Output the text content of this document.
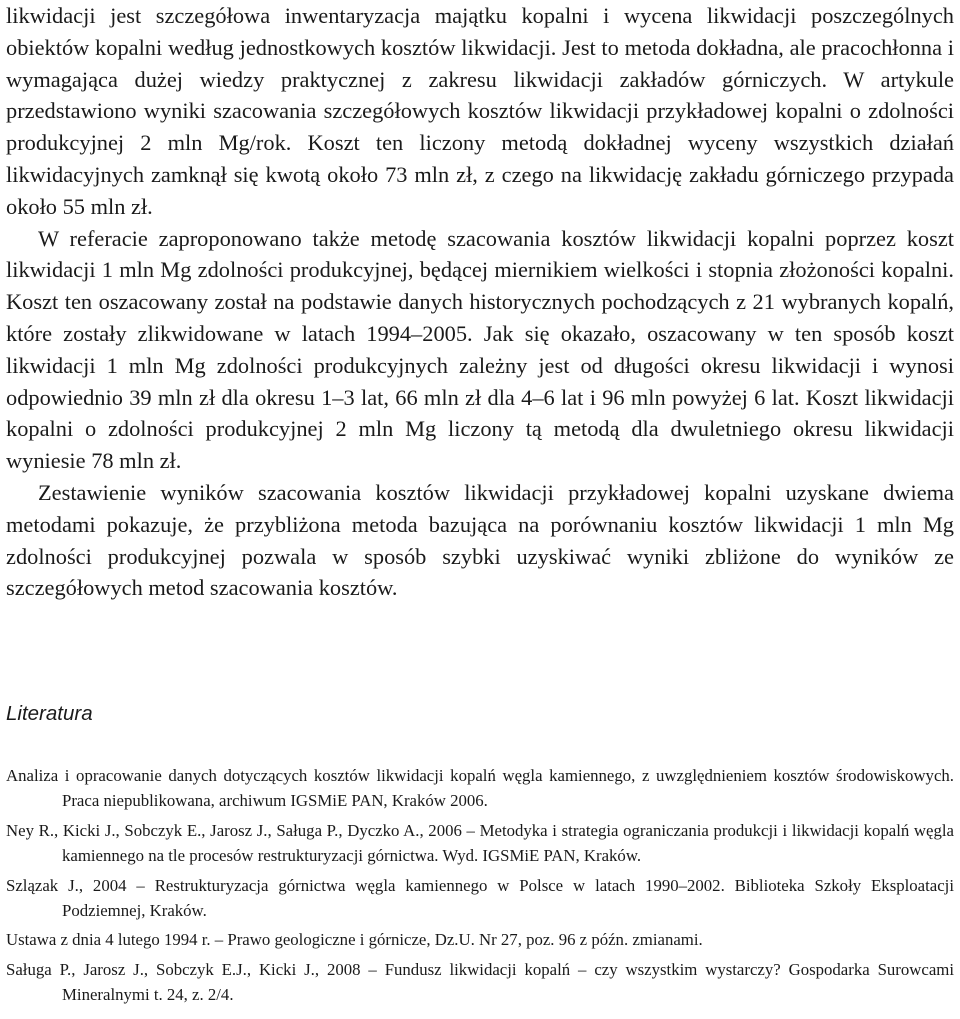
likwidacji jest szczegółowa inwentaryzacja majątku kopalni i wycena likwidacji poszczególnych obiektów kopalni według jednostkowych kosztów likwidacji. Jest to metoda dokładna, ale pracochłonna i wymagająca dużej wiedzy praktycznej z zakresu likwidacji zakładów górniczych. W artykule przedstawiono wyniki szacowania szczegółowych kosztów likwidacji przykładowej kopalni o zdolności produkcyjnej 2 mln Mg/rok. Koszt ten liczony metodą dokładnej wyceny wszystkich działań likwidacyjnych zamknął się kwotą około 73 mln zł, z czego na likwidację zakładu górniczego przypada około 55 mln zł.

W referacie zaproponowano także metodę szacowania kosztów likwidacji kopalni poprzez koszt likwidacji 1 mln Mg zdolności produkcyjnej, będącej miernikiem wielkości i stopnia złożoności kopalni. Koszt ten oszacowany został na podstawie danych historycznych pochodzących z 21 wybranych kopalń, które zostały zlikwidowane w latach 1994–2005. Jak się okazało, oszacowany w ten sposób koszt likwidacji 1 mln Mg zdolności produkcyjnych zależny jest od długości okresu likwidacji i wynosi odpowiednio 39 mln zł dla okresu 1–3 lat, 66 mln zł dla 4–6 lat i 96 mln powyżej 6 lat. Koszt likwidacji kopalni o zdolności produkcyjnej 2 mln Mg liczony tą metodą dla dwuletniego okresu likwidacji wyniesie 78 mln zł.

Zestawienie wyników szacowania kosztów likwidacji przykładowej kopalni uzyskane dwiema metodami pokazuje, że przybliżona metoda bazująca na porównaniu kosztów likwidacji 1 mln Mg zdolności produkcyjnej pozwala w sposób szybki uzyskiwać wyniki zbliżone do wyników ze szczegółowych metod szacowania kosztów.

Literatura

Analiza i opracowanie danych dotyczących kosztów likwidacji kopalń węgla kamiennego, z uwzględnieniem kosztów środowiskowych. Praca niepublikowana, archiwum IGSMiE PAN, Kraków 2006.

Ney R., Kicki J., Sobczyk E., Jarosz J., Saługa P., Dyczko A., 2006 – Metodyka i strategia ograniczania produkcji i likwidacji kopalń węgla kamiennego na tle procesów restrukturyzacji górnictwa. Wyd. IGSMiE PAN, Kraków.

Szlązak J., 2004 – Restrukturyzacja górnictwa węgla kamiennego w Polsce w latach 1990–2002. Biblioteka Szkoły Eksploatacji Podziemnej, Kraków.

Ustawa z dnia 4 lutego 1994 r. – Prawo geologiczne i górnicze, Dz.U. Nr 27, poz. 96 z późn. zmianami.

Saługa P., Jarosz J., Sobczyk E.J., Kicki J., 2008 – Fundusz likwidacji kopalń – czy wszystkim wystarczy? Gospodarka Surowcami Mineralnymi t. 24, z. 2/4.
